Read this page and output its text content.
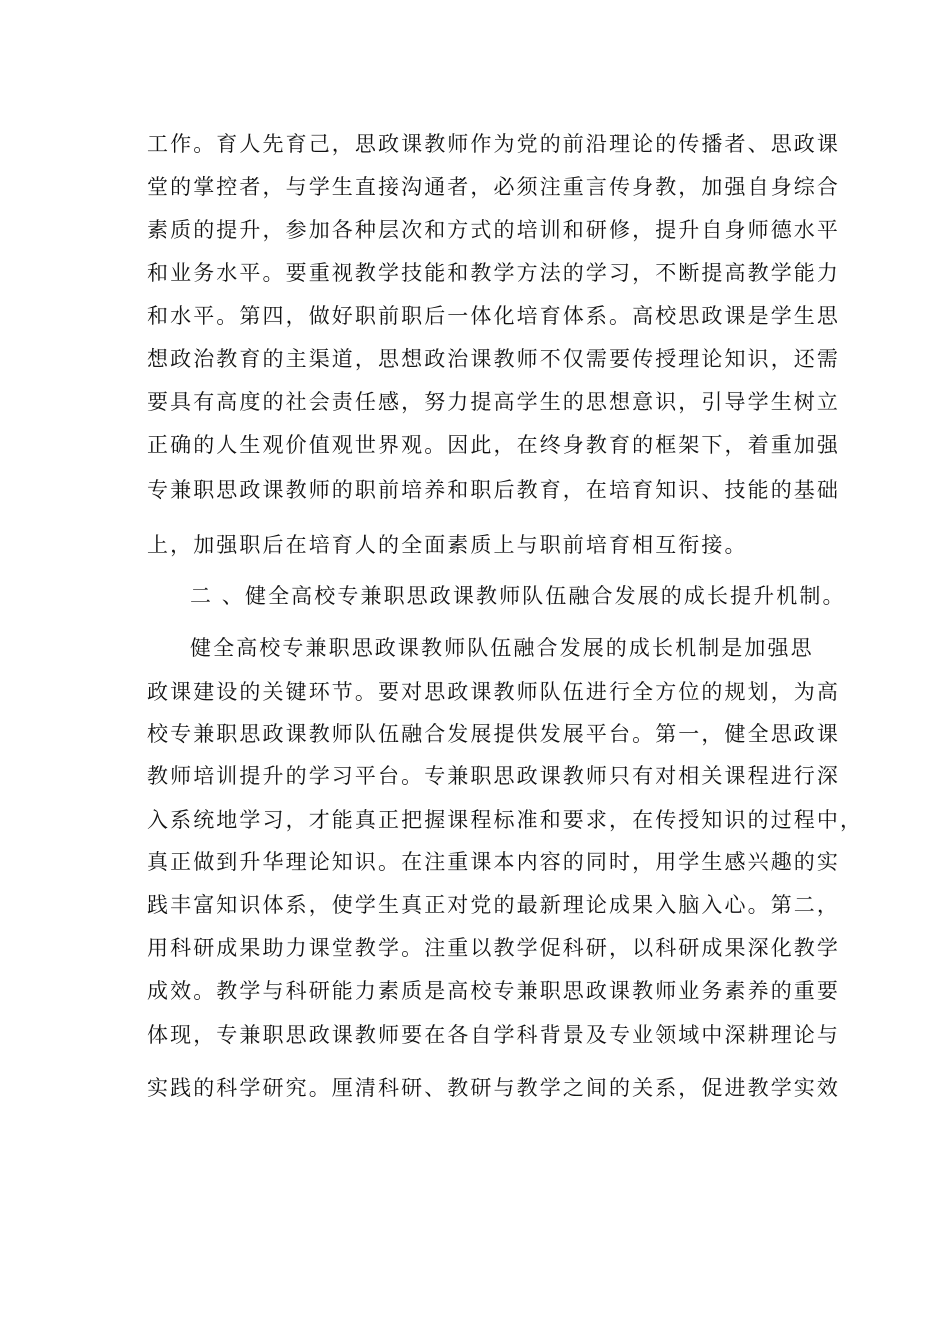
工作。育人先育己，思政课教师作为党的前沿理论的传播者、思政课
堂的掌控者，与学生直接沟通者，必须注重言传身教，加强自身综合
素质的提升，参加各种层次和方式的培训和研修，提升自身师德水平
和业务水平。要重视教学技能和教学方法的学习，不断提高教学能力
和水平。第四，做好职前职后一体化培育体系。高校思政课是学生思
想政治教育的主渠道，思想政治课教师不仅需要传授理论知识，还需
要具有高度的社会责任感，努力提高学生的思想意识，引导学生树立
正确的人生观价值观世界观。因此，在终身教育的框架下，着重加强
专兼职思政课教师的职前培养和职后教育，在培育知识、技能的基础
上，加强职后在培育人的全面素质上与职前培育相互衔接。
二 、健全高校专兼职思政课教师队伍融合发展的成长提升机制。
健全高校专兼职思政课教师队伍融合发展的成长机制是加强思
政课建设的关键环节。要对思政课教师队伍进行全方位的规划，为高
校专兼职思政课教师队伍融合发展提供发展平台。第一，健全思政课
教师培训提升的学习平台。专兼职思政课教师只有对相关课程进行深
入系统地学习，才能真正把握课程标准和要求，在传授知识的过程中，
真正做到升华理论知识。在注重课本内容的同时，用学生感兴趣的实
践丰富知识体系，使学生真正对党的最新理论成果入脑入心。第二，
用科研成果助力课堂教学。注重以教学促科研，以科研成果深化教学
成效。教学与科研能力素质是高校专兼职思政课教师业务素养的重要
体现，专兼职思政课教师要在各自学科背景及专业领域中深耕理论与
实践的科学研究。厘清科研、教研与教学之间的关系，促进教学实效
